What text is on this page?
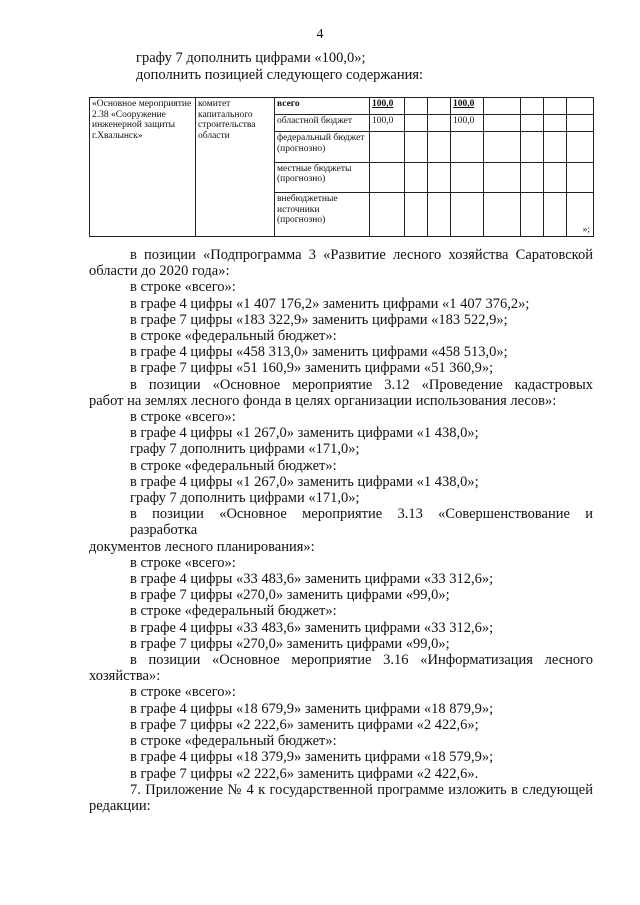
4
графу 7 дополнить цифрами «100,0»;
дополнить позицией следующего содержания:
«Основное мероприятие 2.38 «Сооружение инженерной защиты г.Хвалынск»	комитет капитального строительства области	всего	100,0			100,0				
		областной бюджет	100,0			100,0				
		федеральный бюджет (прогнозно)								
		местные бюджеты (прогнозно)								
		внебюджетные источники (прогнозно)								»;
в позиции «Подпрограмма 3 «Развитие лесного хозяйства Саратовской
области до 2020 года»:
в строке «всего»:
в графе 4 цифры «1 407 176,2» заменить цифрами «1 407 376,2»;
в графе 7 цифры «183 322,9» заменить цифрами «183 522,9»;
в строке «федеральный бюджет»:
в графе 4 цифры «458 313,0» заменить цифрами «458 513,0»;
в графе 7 цифры «51 160,9» заменить цифрами «51 360,9»;
в позиции «Основное мероприятие 3.12 «Проведение кадастровых
работ на землях лесного фонда в целях организации использования лесов»:
в строке «всего»:
в графе 4 цифры «1 267,0» заменить цифрами «1 438,0»;
графу 7 дополнить цифрами «171,0»;
в строке «федеральный бюджет»:
в графе 4 цифры «1 267,0» заменить цифрами «1 438,0»;
графу 7 дополнить цифрами «171,0»;
в позиции «Основное мероприятие 3.13 «Совершенствование и разработка
документов лесного планирования»:
в строке «всего»:
в графе 4 цифры «33 483,6» заменить цифрами «33 312,6»;
в графе 7 цифры «270,0» заменить цифрами «99,0»;
в строке «федеральный бюджет»:
в графе 4 цифры «33 483,6» заменить цифрами «33 312,6»;
в графе 7 цифры «270,0» заменить цифрами «99,0»;
в позиции «Основное мероприятие 3.16 «Информатизация лесного
хозяйства»:
в строке «всего»:
в графе 4 цифры «18 679,9» заменить цифрами «18 879,9»;
в графе 7 цифры «2 222,6» заменить цифрами «2 422,6»;
в строке «федеральный бюджет»:
в графе 4 цифры «18 379,9» заменить цифрами «18 579,9»;
в графе 7 цифры «2 222,6» заменить цифрами «2 422,6».
7. Приложение № 4 к государственной программе изложить в следующей
редакции:
